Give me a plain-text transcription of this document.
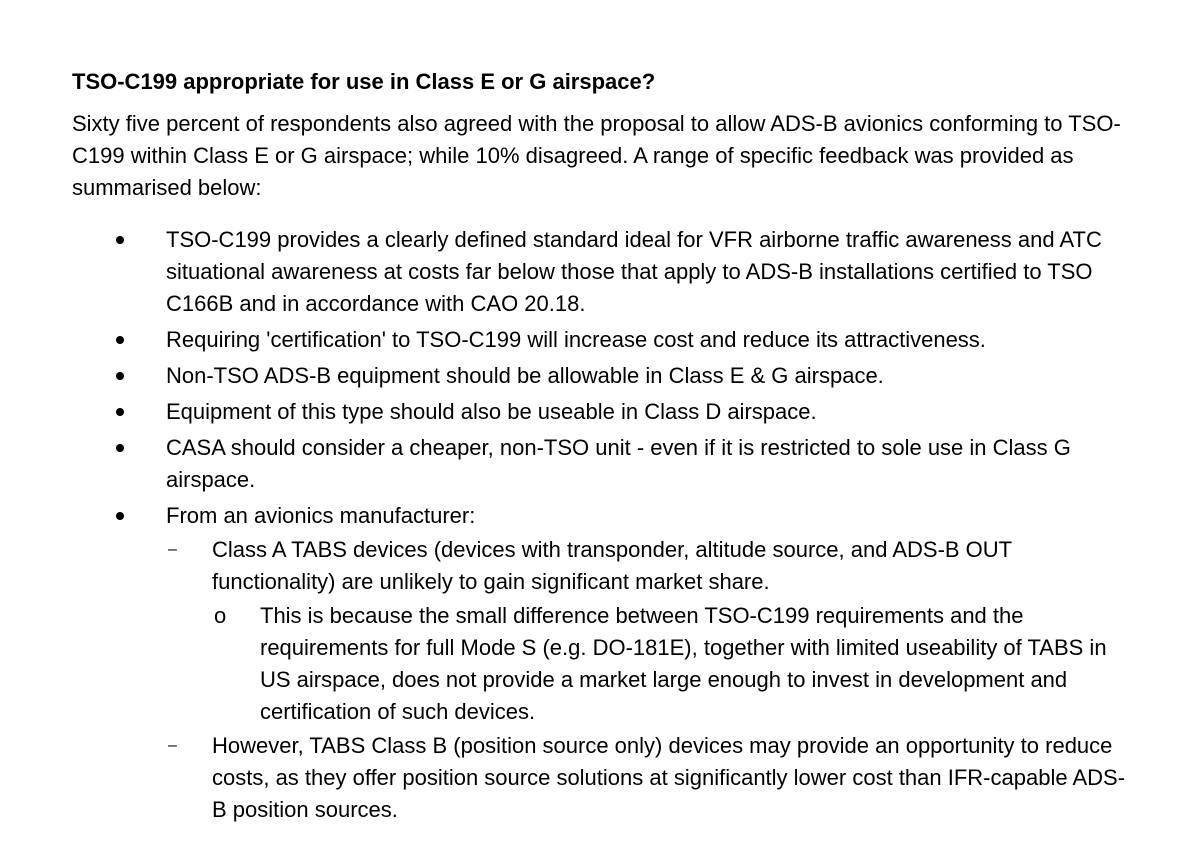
TSO-C199 appropriate for use in Class E or G airspace?

Sixty five percent of respondents also agreed with the proposal to allow ADS-B avionics conforming to TSO-C199 within Class E or G airspace; while 10% disagreed. A range of specific feedback was provided as summarised below:

TSO-C199 provides a clearly defined standard ideal for VFR airborne traffic awareness and ATC situational awareness at costs far below those that apply to ADS-B installations certified to TSO C166B and in accordance with CAO 20.18.
Requiring 'certification' to TSO-C199 will increase cost and reduce its attractiveness.
Non-TSO ADS-B equipment should be allowable in Class E & G airspace.
Equipment of this type should also be useable in Class D airspace.
CASA should consider a cheaper, non-TSO unit - even if it is restricted to sole use in Class G airspace.
From an avionics manufacturer:
– Class A TABS devices (devices with transponder, altitude source, and ADS-B OUT functionality) are unlikely to gain significant market share.
o This is because the small difference between TSO-C199 requirements and the requirements for full Mode S (e.g. DO-181E), together with limited useability of TABS in US airspace, does not provide a market large enough to invest in development and certification of such devices.
– However, TABS Class B (position source only) devices may provide an opportunity to reduce costs, as they offer position source solutions at significantly lower cost than IFR-capable ADS-B position sources.
